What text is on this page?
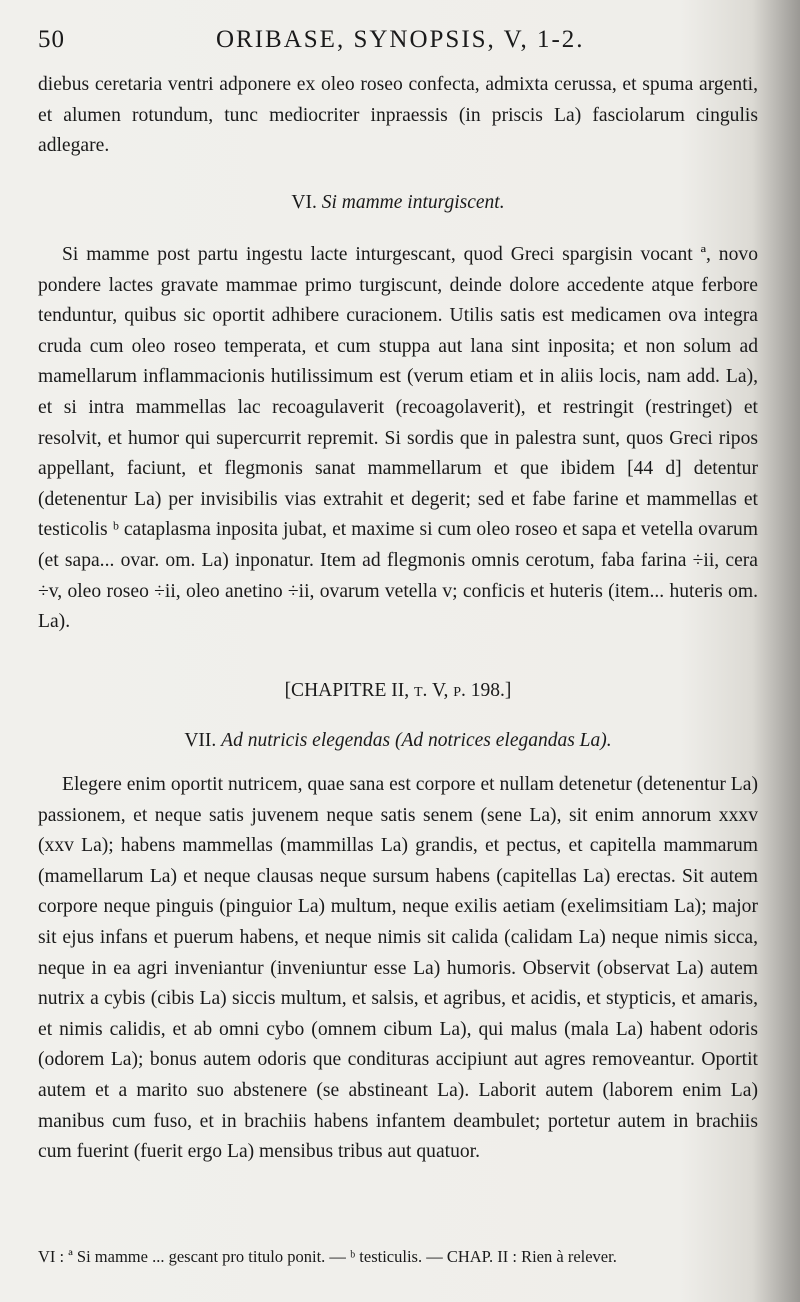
50	ORIBASE, SYNOPSIS, V, 1-2.

diebus ceretaria ventri adponere ex oleo roseo confecta, admixta cerussa, et spuma argenti, et alumen rotundum, tunc mediocriter inpraessis (in priscis La) fasciolarum cingulis adlegare.

VI. Si mamme inturgiscent.

Si mamme post partu ingestu lacte inturgescant, quod Greci spargisin vocant ª, novo pondere lactes gravate mammae primo turgiscunt, deinde dolore accedente atque ferbore tenduntur, quibus sic oportit adhibere curacionem. Utilis satis est medicamen ova integra cruda cum oleo roseo temperata, et cum stuppa aut lana sint inposita; et non solum ad mamellarum inflammacionis hutilissimum est (verum etiam et in aliis locis, nam add. La), et si intra mammellas lac recoagulaverit (recoagolaverit), et restringit (restringet) et resolvit, et humor qui supercurrit repremit. Si sordis que in palestra sunt, quos Greci ripos appellant, faciunt, et flegmonis sanat mammellarum et que ibidem [44 d] detentur (detenentur La) per invisibilis vias extrahit et degerit; sed et fabe farine et mammellas et testicolis ᵇ cataplasma inposita jubat, et maxime si cum oleo roseo et sapa et vetella ovarum (et sapa... ovar. om. La) inponatur. Item ad flegmonis omnis cerotum, faba farina ÷ii, cera ÷v, oleo roseo ÷ii, oleo anetino ÷ii, ovarum vetella v; conficis et huteris (item... huteris om. La).

[CHAPITRE II, t. V, p. 198.]
VII. Ad nutricis elegendas (Ad notrices elegandas La).

Elegere enim oportit nutricem, quae sana est corpore et nullam detenetur (detenentur La) passionem, et neque satis juvenem neque satis senem (sene La), sit enim annorum xxxv (xxv La); habens mammellas (mammillas La) grandis, et pectus, et capitella mammarum (mamellarum La) et neque clausas neque sursum habens (capitellas La) erectas. Sit autem corpore neque pinguis (pinguior La) multum, neque exilis aetiam (exelimsitiam La); major sit ejus infans et puerum habens, et neque nimis sit calida (calidam La) neque nimis sicca, neque in ea agri inveniantur (inveniuntur esse La) humoris. Observit (observat La) autem nutrix a cybis (cibis La) siccis multum, et salsis, et agribus, et acidis, et stypticis, et amaris, et nimis calidis, et ab omni cybo (omnem cibum La), qui malus (mala La) habent odoris (odorem La); bonus autem odoris que condituras accipiunt aut agres removeantur. Oportit autem et a marito suo abstenere (se abstineant La). Laborit autem (laborem enim La) manibus cum fuso, et in brachiis habens infantem deambulet; portetur autem in brachiis cum fuerint (fuerit ergo La) mensibus tribus aut quatuor.

VI : ª Si mamme ... gescant pro titulo ponit. — ᵇ testiculis. — CHAP. II : Rien à relever.
